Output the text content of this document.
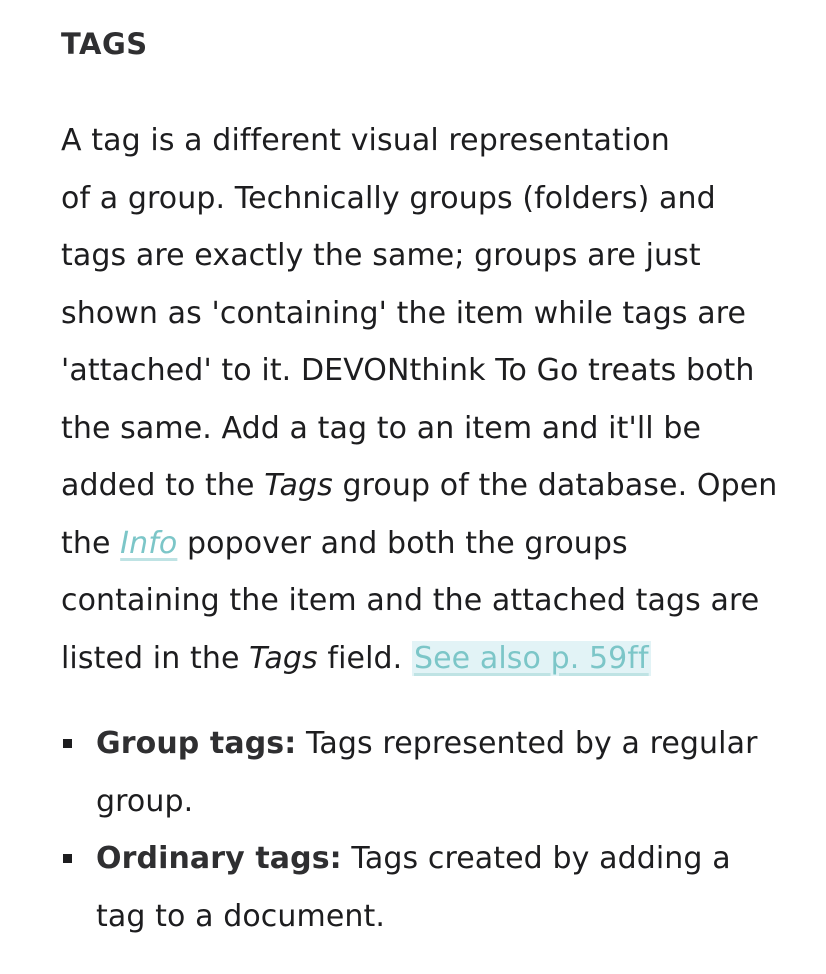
TAGS

A tag is a different visual representation
of a group. Technically groups (folders) and tags are exactly the same; groups are just shown as 'containing' the item while tags are 'attached' to it. DEVONthink To Go treats both the same. Add a tag to an item and it'll be added to the Tags group of the database. Open the Info popover and both the groups containing the item and the attached tags are listed in the Tags field. See also p. 59ff

Group tags: Tags represented by a regular group.
Ordinary tags: Tags created by adding a tag to a document.
